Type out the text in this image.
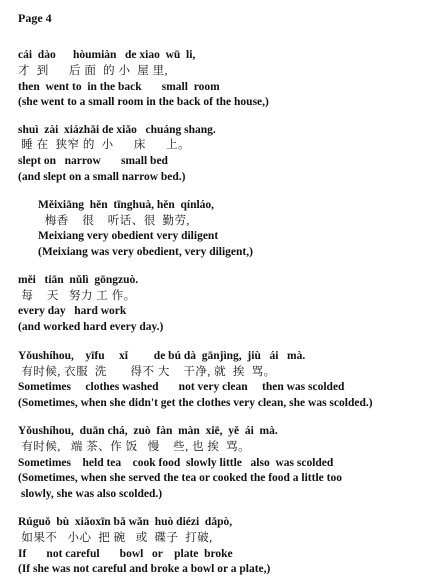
Page 4
cái  dào      hòumiàn   de xiao  wū  li,
才  到      后 面  的 小  屋 里,
then  went to  in the back       small  room
(she went to a small room in the back of the house,)
shuì  zài  xiázhǎi de xiǎo   chuáng shang.
睡 在  狭窄 的  小      床      上。
slept on   narrow       small bed
(and slept on a small narrow bed.)
Měixiāng  hěn  tīnghuà, hěn  qínláo,
梅香    很    听话、很  勤劳,
Meixiang very obedient very diligent
(Meixiang was very obedient, very diligent,)
měi   tiān  nǔlì  gōngzuò.
每    天   努力 工 作。
every day   hard work
(and worked hard every day.)
Yǒushíhou,    yīfu     xǐ         de bú dà  gānjìng,  jiù   ái   mà.
有时候, 衣服  洗       得不 大    干净, 就  挨  骂。
Sometimes     clothes washed       not very clean     then was scolded
(Sometimes, when she didn't get the clothes very clean, she was scolded.)
Yǒushíhou,  duān chá,  zuò  fàn  màn  xiē,  yě  ái  mà.
有时候,   端 茶、作 饭   慢    些, 也 挨  骂。
Sometimes    held tea    cook food  slowly little   also  was scolded
(Sometimes, when she served the tea or cooked the food a little too
slowly, she was also scolded.)
Rúguǒ  bù  xiǎoxīn bǎ wǎn  huò diézi  dǎpò,
如果不   小心  把 碗   或  碟子  打破,
If       not careful       bowl   or    plate  broke
(If she was not careful and broke a bowl or a plate,)
